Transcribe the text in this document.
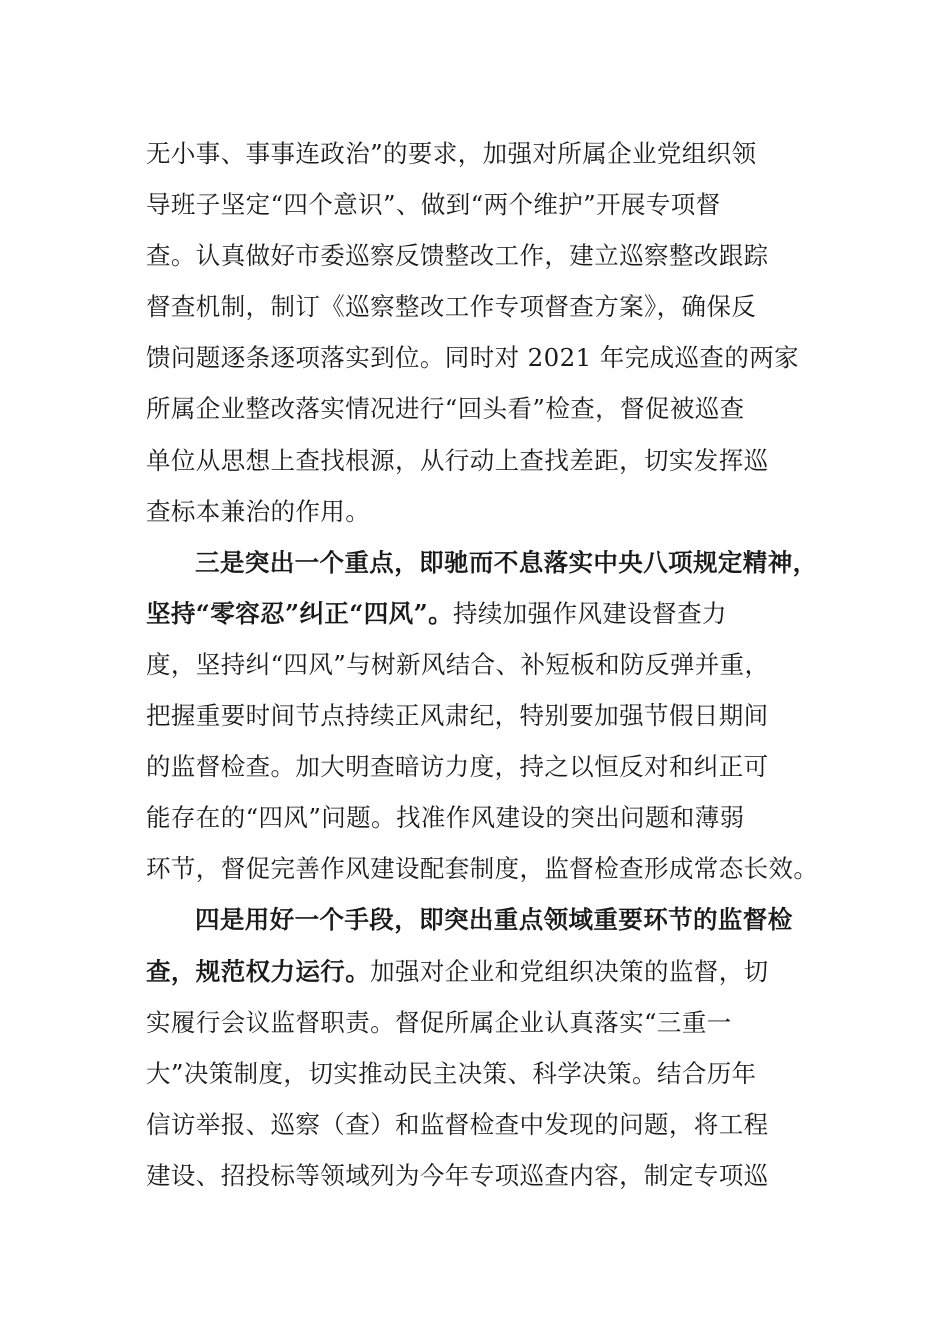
无小事、事事连政治”的要求，加强对所属企业党组织领
导班子坚定“四个意识”、做到“两个维护”开展专项督
查。认真做好市委巡察反馈整改工作，建立巡察整改跟踪
督查机制，制订《巡察整改工作专项督查方案》，确保反
馈问题逐条逐项落实到位。同时对 2021 年完成巡查的两家
所属企业整改落实情况进行“回头看”检查，督促被巡查
单位从思想上查找根源，从行动上查找差距，切实发挥巡
查标本兼治的作用。
三是突出一个重点，即驰而不息落实中央八项规定精神，
坚持“零容忍”纠正“四风”。持续加强作风建设督查力
度，坚持纠“四风”与树新风结合、补短板和防反弹并重，
把握重要时间节点持续正风肃纪，特别要加强节假日期间
的监督检查。加大明查暗访力度，持之以恒反对和纠正可
能存在的“四风”问题。找准作风建设的突出问题和薄弱
环节，督促完善作风建设配套制度，监督检查形成常态长效。
四是用好一个手段，即突出重点领域重要环节的监督检
查，规范权力运行。加强对企业和党组织决策的监督，切
实履行会议监督职责。督促所属企业认真落实“三重一
大”决策制度，切实推动民主决策、科学决策。结合历年
信访举报、巡察（查）和监督检查中发现的问题，将工程
建设、招投标等领域列为今年专项巡查内容，制定专项巡
